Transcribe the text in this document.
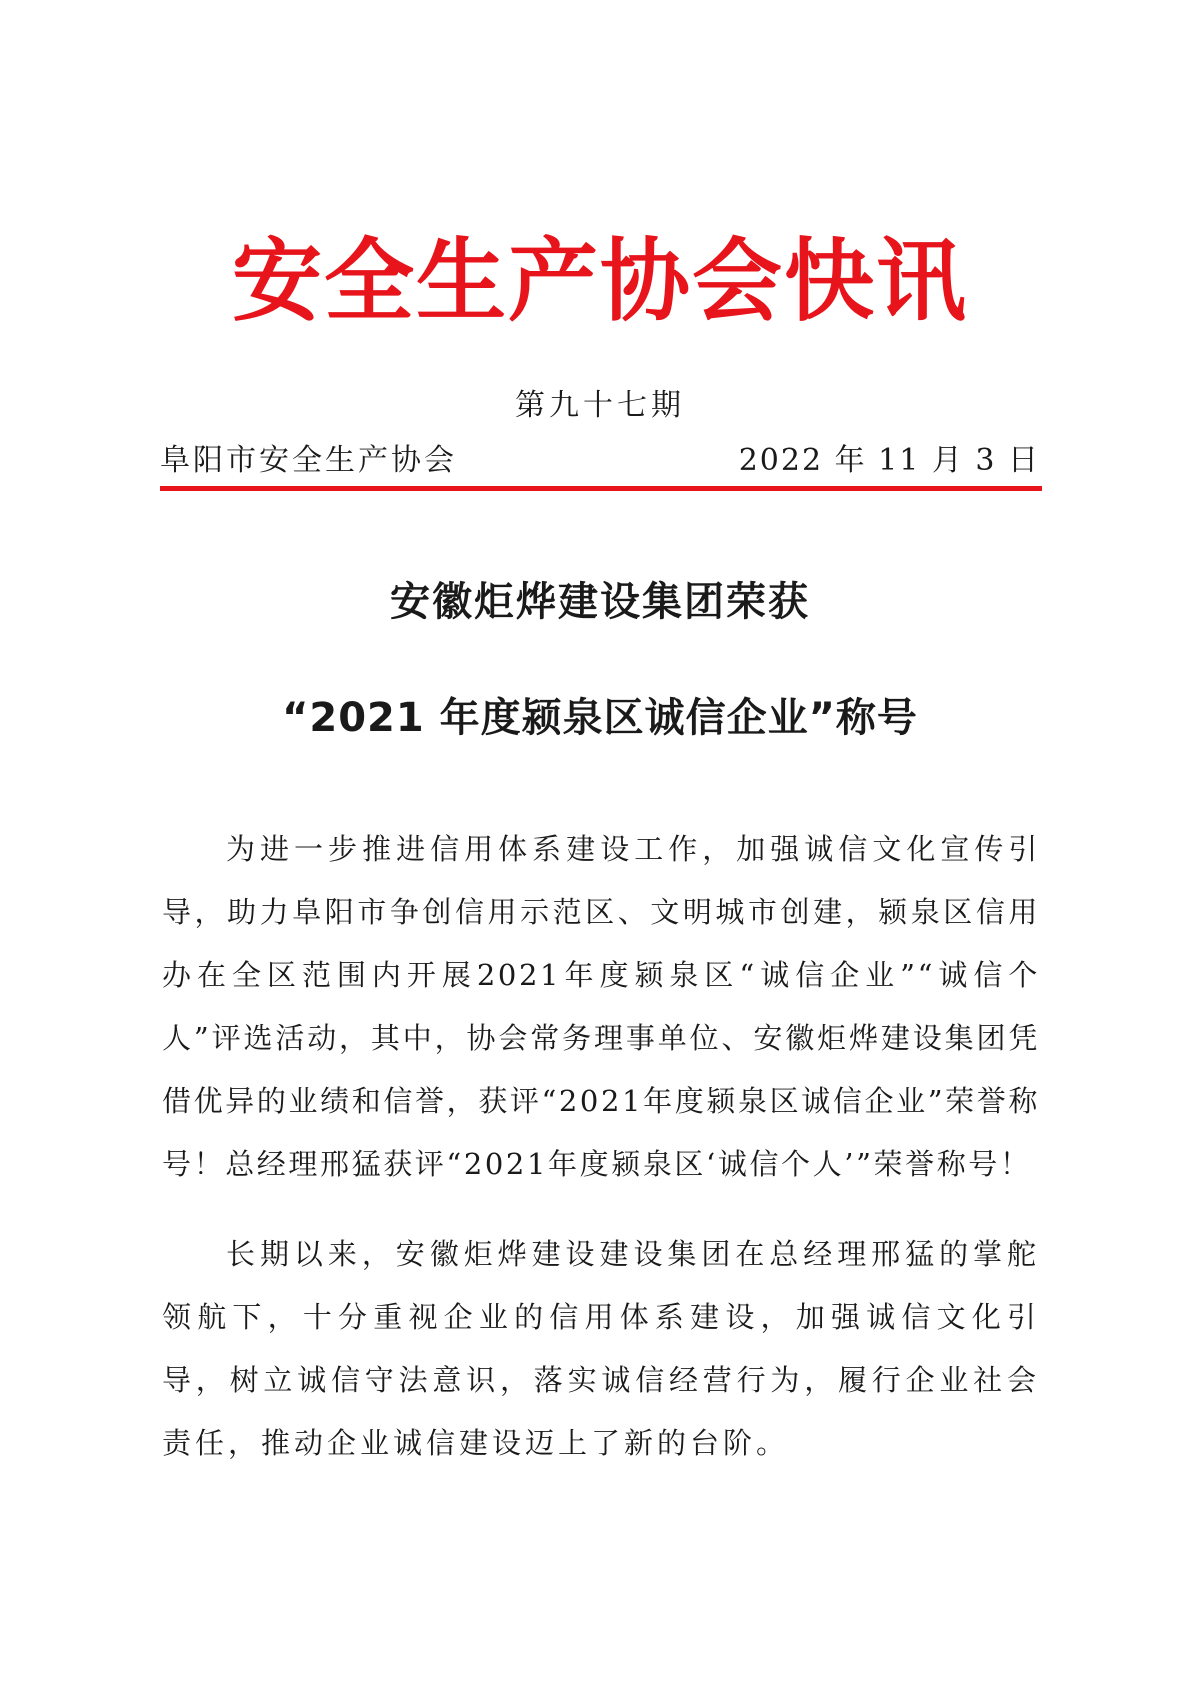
安全生产协会快讯
第九十七期
阜阳市安全生产协会	2022 年 11 月 3 日
安徽炬烨建设集团荣获
“2021 年度颍泉区诚信企业”称号

为进一步推进信用体系建设工作，加强诚信文化宣传引导，助力阜阳市争创信用示范区、文明城市创建，颍泉区信用办在全区范围内开展2021年度颍泉区“诚信企业”“诚信个人”评选活动，其中，协会常务理事单位、安徽炬烨建设集团凭借优异的业绩和信誉，获评“2021年度颍泉区诚信企业”荣誉称号！总经理邢猛获评“2021年度颍泉区‘诚信个人’”荣誉称号！

长期以来，安徽炬烨建设建设集团在总经理邢猛的掌舵领航下，十分重视企业的信用体系建设，加强诚信文化引导，树立诚信守法意识，落实诚信经营行为，履行企业社会责任，推动企业诚信建设迈上了新的台阶。
